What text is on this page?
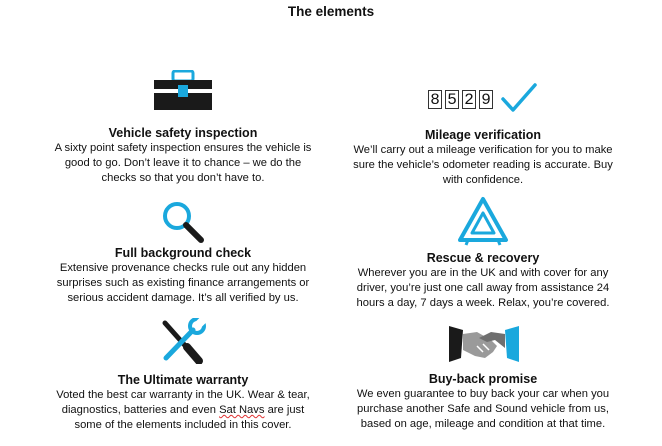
The elements
Vehicle safety inspection

A sixty point safety inspection ensures the vehicle is
good to go. Don’t leave it to chance – we do the
checks so that you don’t have to.

8 5 2 9
Mileage verification

We’ll carry out a mileage verification for you to make
sure the vehicle’s odometer reading is accurate. Buy
with confidence.

Full background check

Extensive provenance checks rule out any hidden
surprises such as existing finance arrangements or
serious accident damage. It’s all verified by us.

Rescue & recovery

Wherever you are in the UK and with cover for any
driver, you’re just one call away from assistance 24
hours a day, 7 days a week. Relax, you’re covered.

The Ultimate warranty

Voted the best car warranty in the UK. Wear & tear,
diagnostics, batteries and even Sat Navs are just
some of the elements included in this cover.

Buy-back promise

We even guarantee to buy back your car when you
purchase another Safe and Sound vehicle from us,
based on age, mileage and condition at that time.
